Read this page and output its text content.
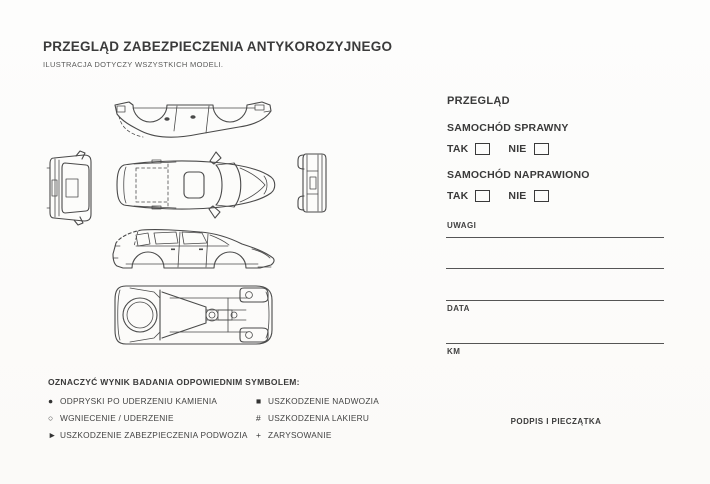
PRZEGLĄD ZABEZPIECZENIA ANTYKOROZYJNEGO
ILUSTRACJA DOTYCZY WSZYSTKICH MODELI.
PRZEGLĄD
SAMOCHÓD SPRAWNY
TAK	NIE
SAMOCHÓD NAPRAWIONO
TAK	NIE
UWAGI
DATA
KM
PODPIS I PIECZĄTKA
OZNACZYĆ WYNIK BADANIA ODPOWIEDNIM SYMBOLEM:
● ODPRYSKI PO UDERZENIU KAMIENIA
○ WGNIECENIE / UDERZENIE
► USZKODZENIE ZABEZPIECZENIA PODWOZIA
■ USZKODZENIE NADWOZIA
# USZKODZENIA LAKIERU
+ ZARYSOWANIE
